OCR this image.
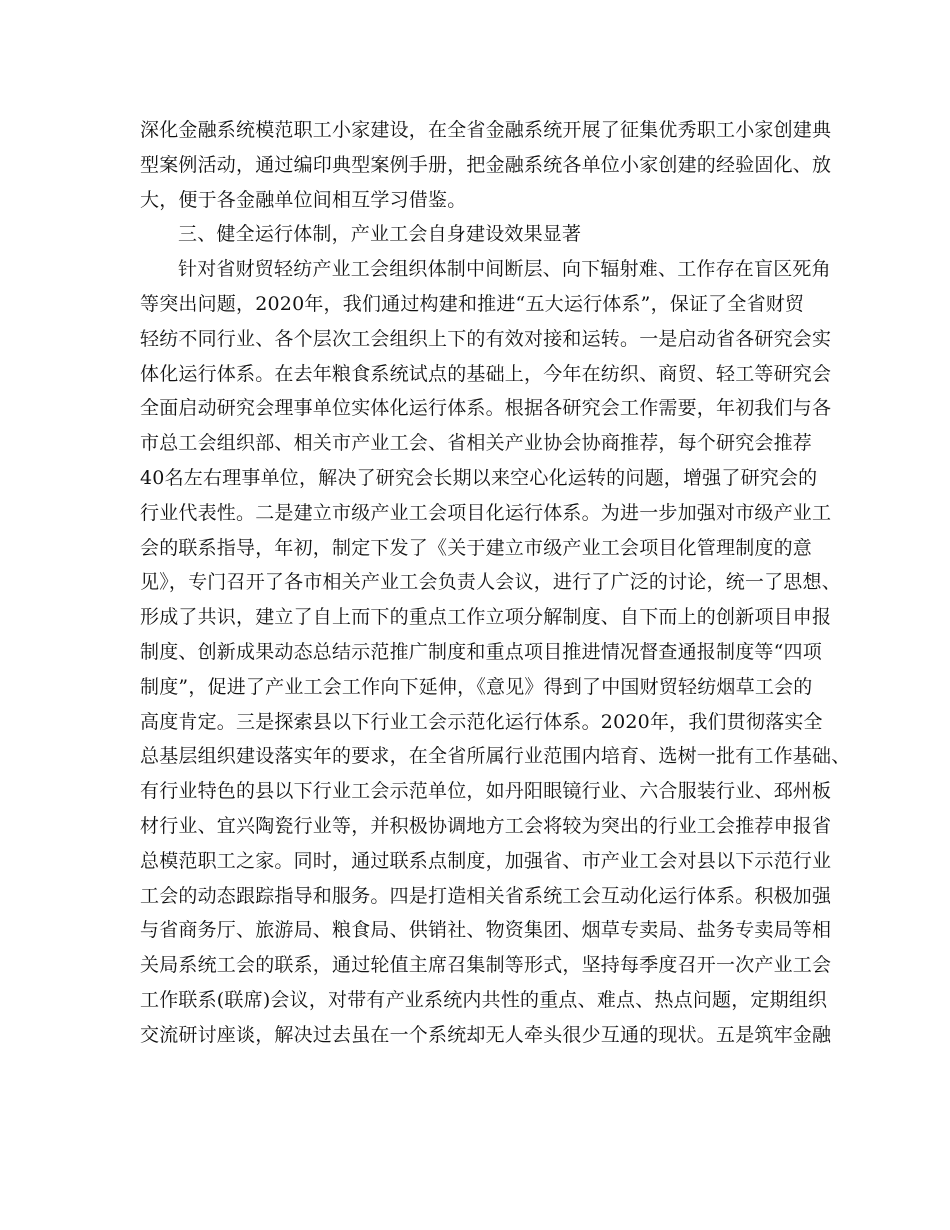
深化金融系统模范职工小家建设，在全省金融系统开展了征集优秀职工小家创建典
型案例活动，通过编印典型案例手册，把金融系统各单位小家创建的经验固化、放
大，便于各金融单位间相互学习借鉴。
三、健全运行体制，产业工会自身建设效果显著
针对省财贸轻纺产业工会组织体制中间断层、向下辐射难、工作存在盲区死角
等突出问题，2020年，我们通过构建和推进“五大运行体系”，保证了全省财贸
轻纺不同行业、各个层次工会组织上下的有效对接和运转。一是启动省各研究会实
体化运行体系。在去年粮食系统试点的基础上，今年在纺织、商贸、轻工等研究会
全面启动研究会理事单位实体化运行体系。根据各研究会工作需要，年初我们与各
市总工会组织部、相关市产业工会、省相关产业协会协商推荐，每个研究会推荐
40名左右理事单位，解决了研究会长期以来空心化运转的问题，增强了研究会的
行业代表性。二是建立市级产业工会项目化运行体系。为进一步加强对市级产业工
会的联系指导，年初，制定下发了《关于建立市级产业工会项目化管理制度的意
见》，专门召开了各市相关产业工会负责人会议，进行了广泛的讨论，统一了思想、
形成了共识，建立了自上而下的重点工作立项分解制度、自下而上的创新项目申报
制度、创新成果动态总结示范推广制度和重点项目推进情况督查通报制度等“四项
制度”，促进了产业工会工作向下延伸，《意见》得到了中国财贸轻纺烟草工会的
高度肯定。三是探索县以下行业工会示范化运行体系。2020年，我们贯彻落实全
总基层组织建设落实年的要求，在全省所属行业范围内培育、选树一批有工作基础、
有行业特色的县以下行业工会示范单位，如丹阳眼镜行业、六合服装行业、邳州板
材行业、宜兴陶瓷行业等，并积极协调地方工会将较为突出的行业工会推荐申报省
总模范职工之家。同时，通过联系点制度，加强省、市产业工会对县以下示范行业
工会的动态跟踪指导和服务。四是打造相关省系统工会互动化运行体系。积极加强
与省商务厅、旅游局、粮食局、供销社、物资集团、烟草专卖局、盐务专卖局等相
关局系统工会的联系，通过轮值主席召集制等形式，坚持每季度召开一次产业工会
工作联系(联席)会议，对带有产业系统内共性的重点、难点、热点问题，定期组织
交流研讨座谈，解决过去虽在一个系统却无人牵头很少互通的现状。五是筑牢金融
